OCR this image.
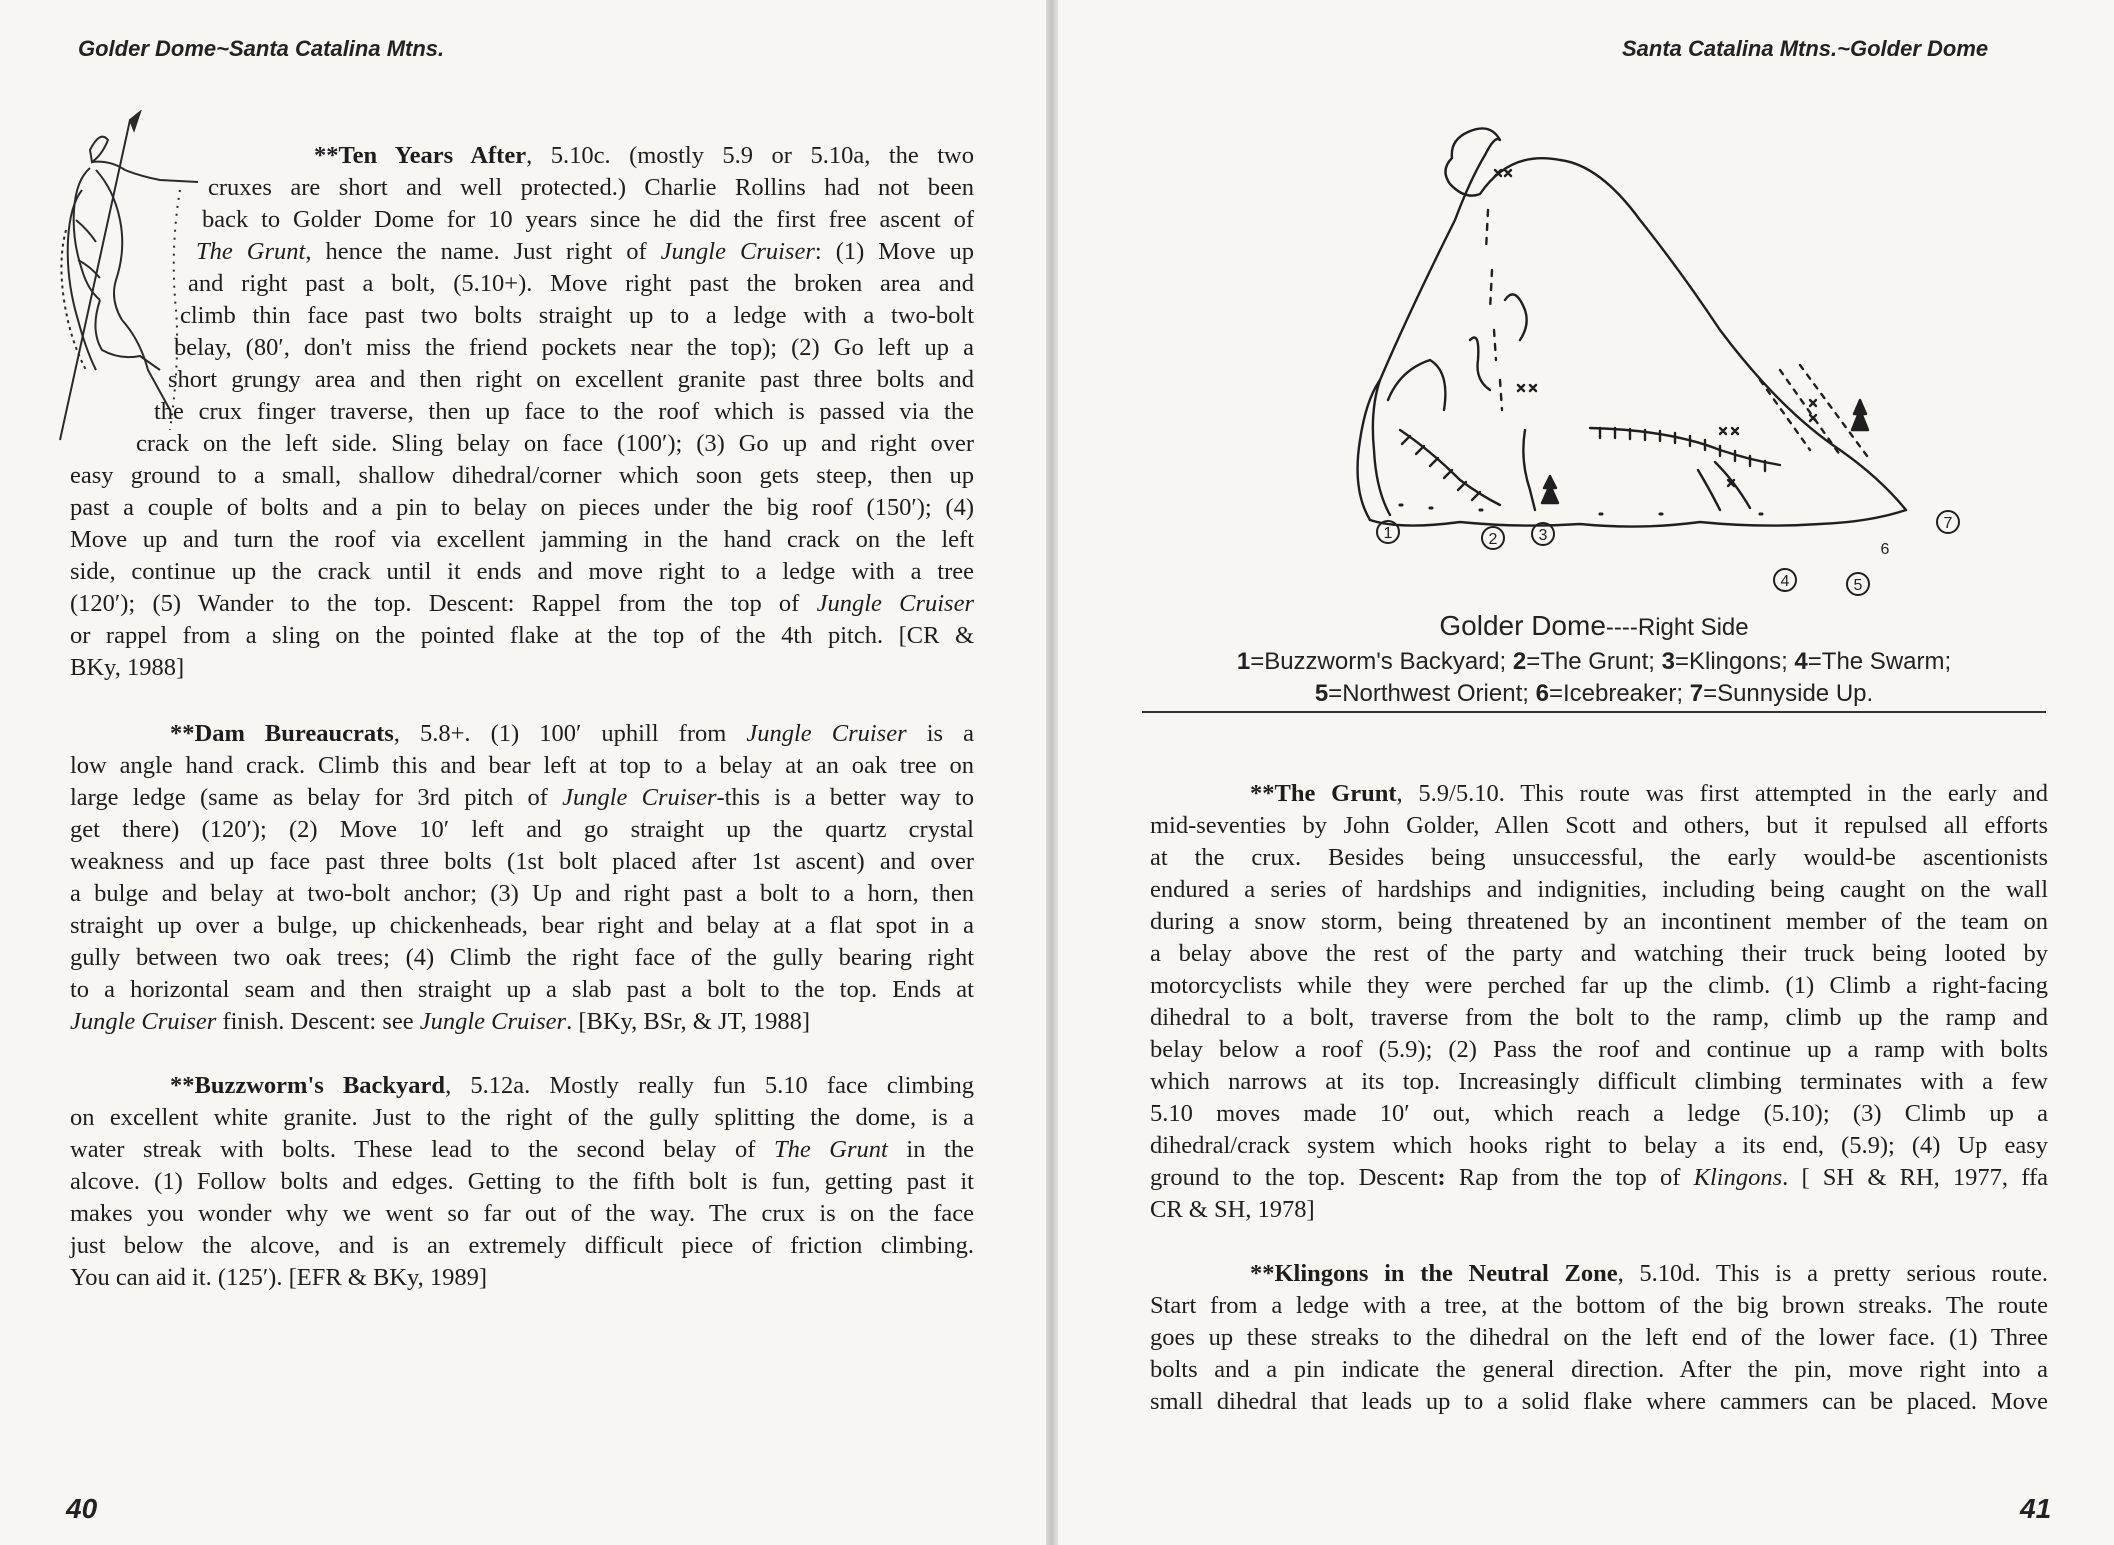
Golder Dome~Santa Catalina Mtns.
**Ten Years After, 5.10c. (mostly 5.9 or 5.10a, the two
cruxes are short and well protected.) Charlie Rollins had not been
back to Golder Dome for 10 years since he did the first free ascent of
The Grunt, hence the name. Just right of Jungle Cruiser: (1) Move up
and right past a bolt, (5.10+). Move right past the broken area and
climb thin face past two bolts straight up to a ledge with a two-bolt
belay, (80′, don't miss the friend pockets near the top); (2) Go left up a
short grungy area and then right on excellent granite past three bolts and
the crux finger traverse, then up face to the roof which is passed via the
crack on the left side. Sling belay on face (100′); (3) Go up and right over
easy ground to a small, shallow dihedral/corner which soon gets steep, then up
past a couple of bolts and a pin to belay on pieces under the big roof (150′); (4)
Move up and turn the roof via excellent jamming in the hand crack on the left
side, continue up the crack until it ends and move right to a ledge with a tree
(120′); (5) Wander to the top. Descent: Rappel from the top of Jungle Cruiser
or rappel from a sling on the pointed flake at the top of the 4th pitch. [CR &
BKy, 1988]
**Dam Bureaucrats, 5.8+. (1) 100′ uphill from Jungle Cruiser is a
low angle hand crack. Climb this and bear left at top to a belay at an oak tree on
large ledge (same as belay for 3rd pitch of Jungle Cruiser-this is a better way to
get there) (120′); (2) Move 10′ left and go straight up the quartz crystal
weakness and up face past three bolts (1st bolt placed after 1st ascent) and over
a bulge and belay at two-bolt anchor; (3) Up and right past a bolt to a horn, then
straight up over a bulge, up chickenheads, bear right and belay at a flat spot in a
gully between two oak trees; (4) Climb the right face of the gully bearing right
to a horizontal seam and then straight up a slab past a bolt to the top. Ends at
Jungle Cruiser finish. Descent: see Jungle Cruiser. [BKy, BSr, & JT, 1988]
**Buzzworm's Backyard, 5.12a. Mostly really fun 5.10 face climbing
on excellent white granite. Just to the right of the gully splitting the dome, is a
water streak with bolts. These lead to the second belay of The Grunt in the
alcove. (1) Follow bolts and edges. Getting to the fifth bolt is fun, getting past it
makes you wonder why we went so far out of the way. The crux is on the face
just below the alcove, and is an extremely difficult piece of friction climbing.
You can aid it. (125′). [EFR & BKy, 1989]
40
Santa Catalina Mtns.~Golder Dome
1	2	3
4	5
6
7
Golder Dome----Right Side
1=Buzzworm's Backyard; 2=The Grunt; 3=Klingons; 4=The Swarm;
5=Northwest Orient; 6=Icebreaker; 7=Sunnyside Up.
**The Grunt, 5.9/5.10. This route was first attempted in the early and
mid-seventies by John Golder, Allen Scott and others, but it repulsed all efforts
at the crux. Besides being unsuccessful, the early would-be ascentionists
endured a series of hardships and indignities, including being caught on the wall
during a snow storm, being threatened by an incontinent member of the team on
a belay above the rest of the party and watching their truck being looted by
motorcyclists while they were perched far up the climb. (1) Climb a right-facing
dihedral to a bolt, traverse from the bolt to the ramp, climb up the ramp and
belay below a roof (5.9); (2) Pass the roof and continue up a ramp with bolts
which narrows at its top. Increasingly difficult climbing terminates with a few
5.10 moves made 10′ out, which reach a ledge (5.10); (3) Climb up a
dihedral/crack system which hooks right to belay a its end, (5.9); (4) Up easy
ground to the top. Descent: Rap from the top of Klingons. [ SH & RH, 1977, ffa
CR & SH, 1978]
**Klingons in the Neutral Zone, 5.10d. This is a pretty serious route.
Start from a ledge with a tree, at the bottom of the big brown streaks. The route
goes up these streaks to the dihedral on the left end of the lower face. (1) Three
bolts and a pin indicate the general direction. After the pin, move right into a
small dihedral that leads up to a solid flake where cammers can be placed. Move
41
